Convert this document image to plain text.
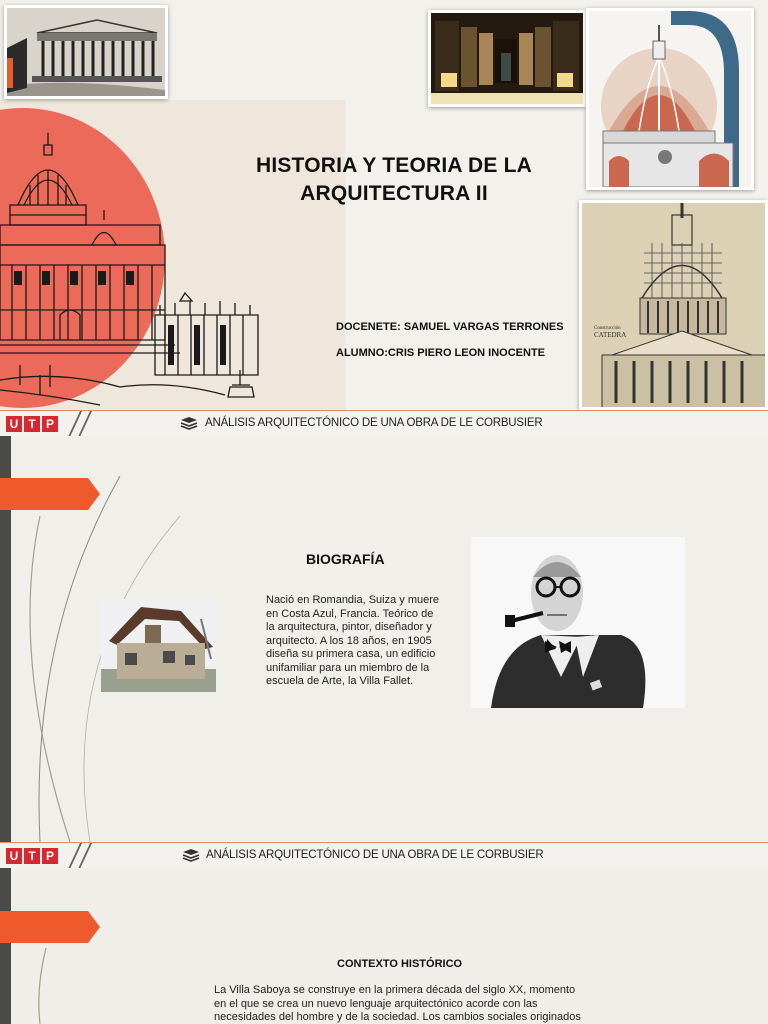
Construcción
CATEDRA
HISTORIA Y TEORIA DE LA
ARQUITECTURA II
DOCENETE: SAMUEL VARGAS TERRONES
ALUMNO:CRIS PIERO LEON INOCENTE
U T P	ANÁLISIS ARQUITECTÓNICO DE UNA OBRA DE LE CORBUSIER
BIOGRAFÍA
Nació en Romandia, Suiza y muere
en Costa Azul, Francia. Teórico de
la arquitectura, pintor, diseñador y
arquitecto. A los 18 años, en 1905
diseña su primera casa, un edificio
unifamiliar para un miembro de la
escuela de Arte, la Villa Fallet.
U T P	ANÁLISIS ARQUITECTÓNICO DE UNA OBRA DE LE CORBUSIER
CONTEXTO HISTÓRICO
La Villa Saboya se construye en la primera década del siglo XX, momento
en el que se crea un nuevo lenguaje arquitectónico acorde con las
necesidades del hombre y de la sociedad. Los cambios sociales originados
